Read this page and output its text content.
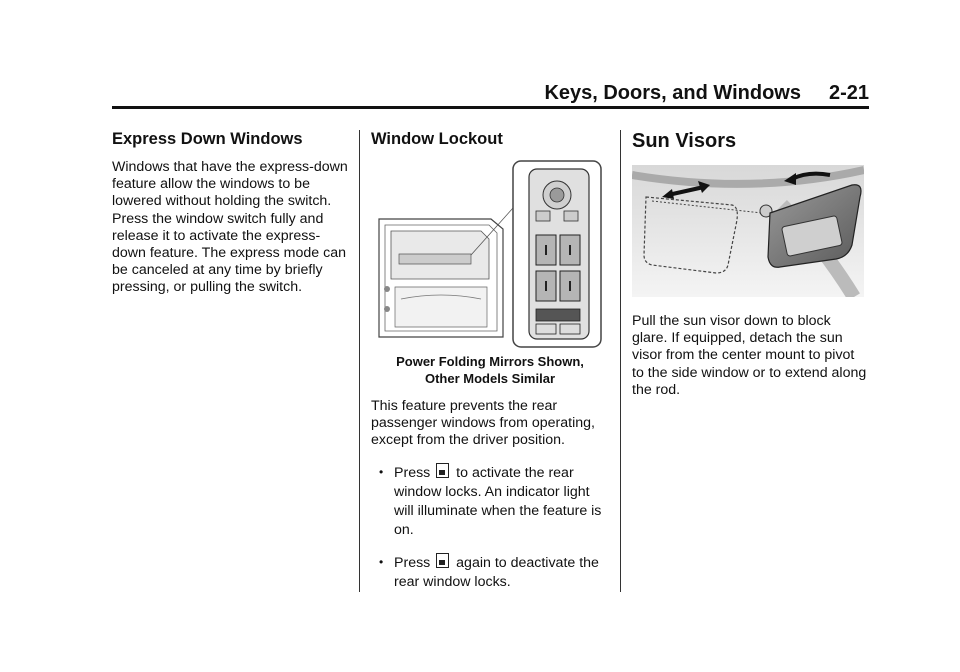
Keys, Doors, and Windows 2-21
Express Down Windows

Windows that have the express-down feature allow the windows to be lowered without holding the switch. Press the window switch fully and release it to activate the express-down feature. The express mode can be canceled at any time by briefly pressing, or pulling the switch.

Window Lockout
Power Folding Mirrors Shown,
Other Models Similar

This feature prevents the rear passenger windows from operating, except from the driver position.

• Press to activate the rear window locks. An indicator light will illuminate when the feature is on.
• Press again to deactivate the rear window locks.
Sun Visors

Pull the sun visor down to block glare. If equipped, detach the sun visor from the center mount to pivot to the side window or to extend along the rod.
